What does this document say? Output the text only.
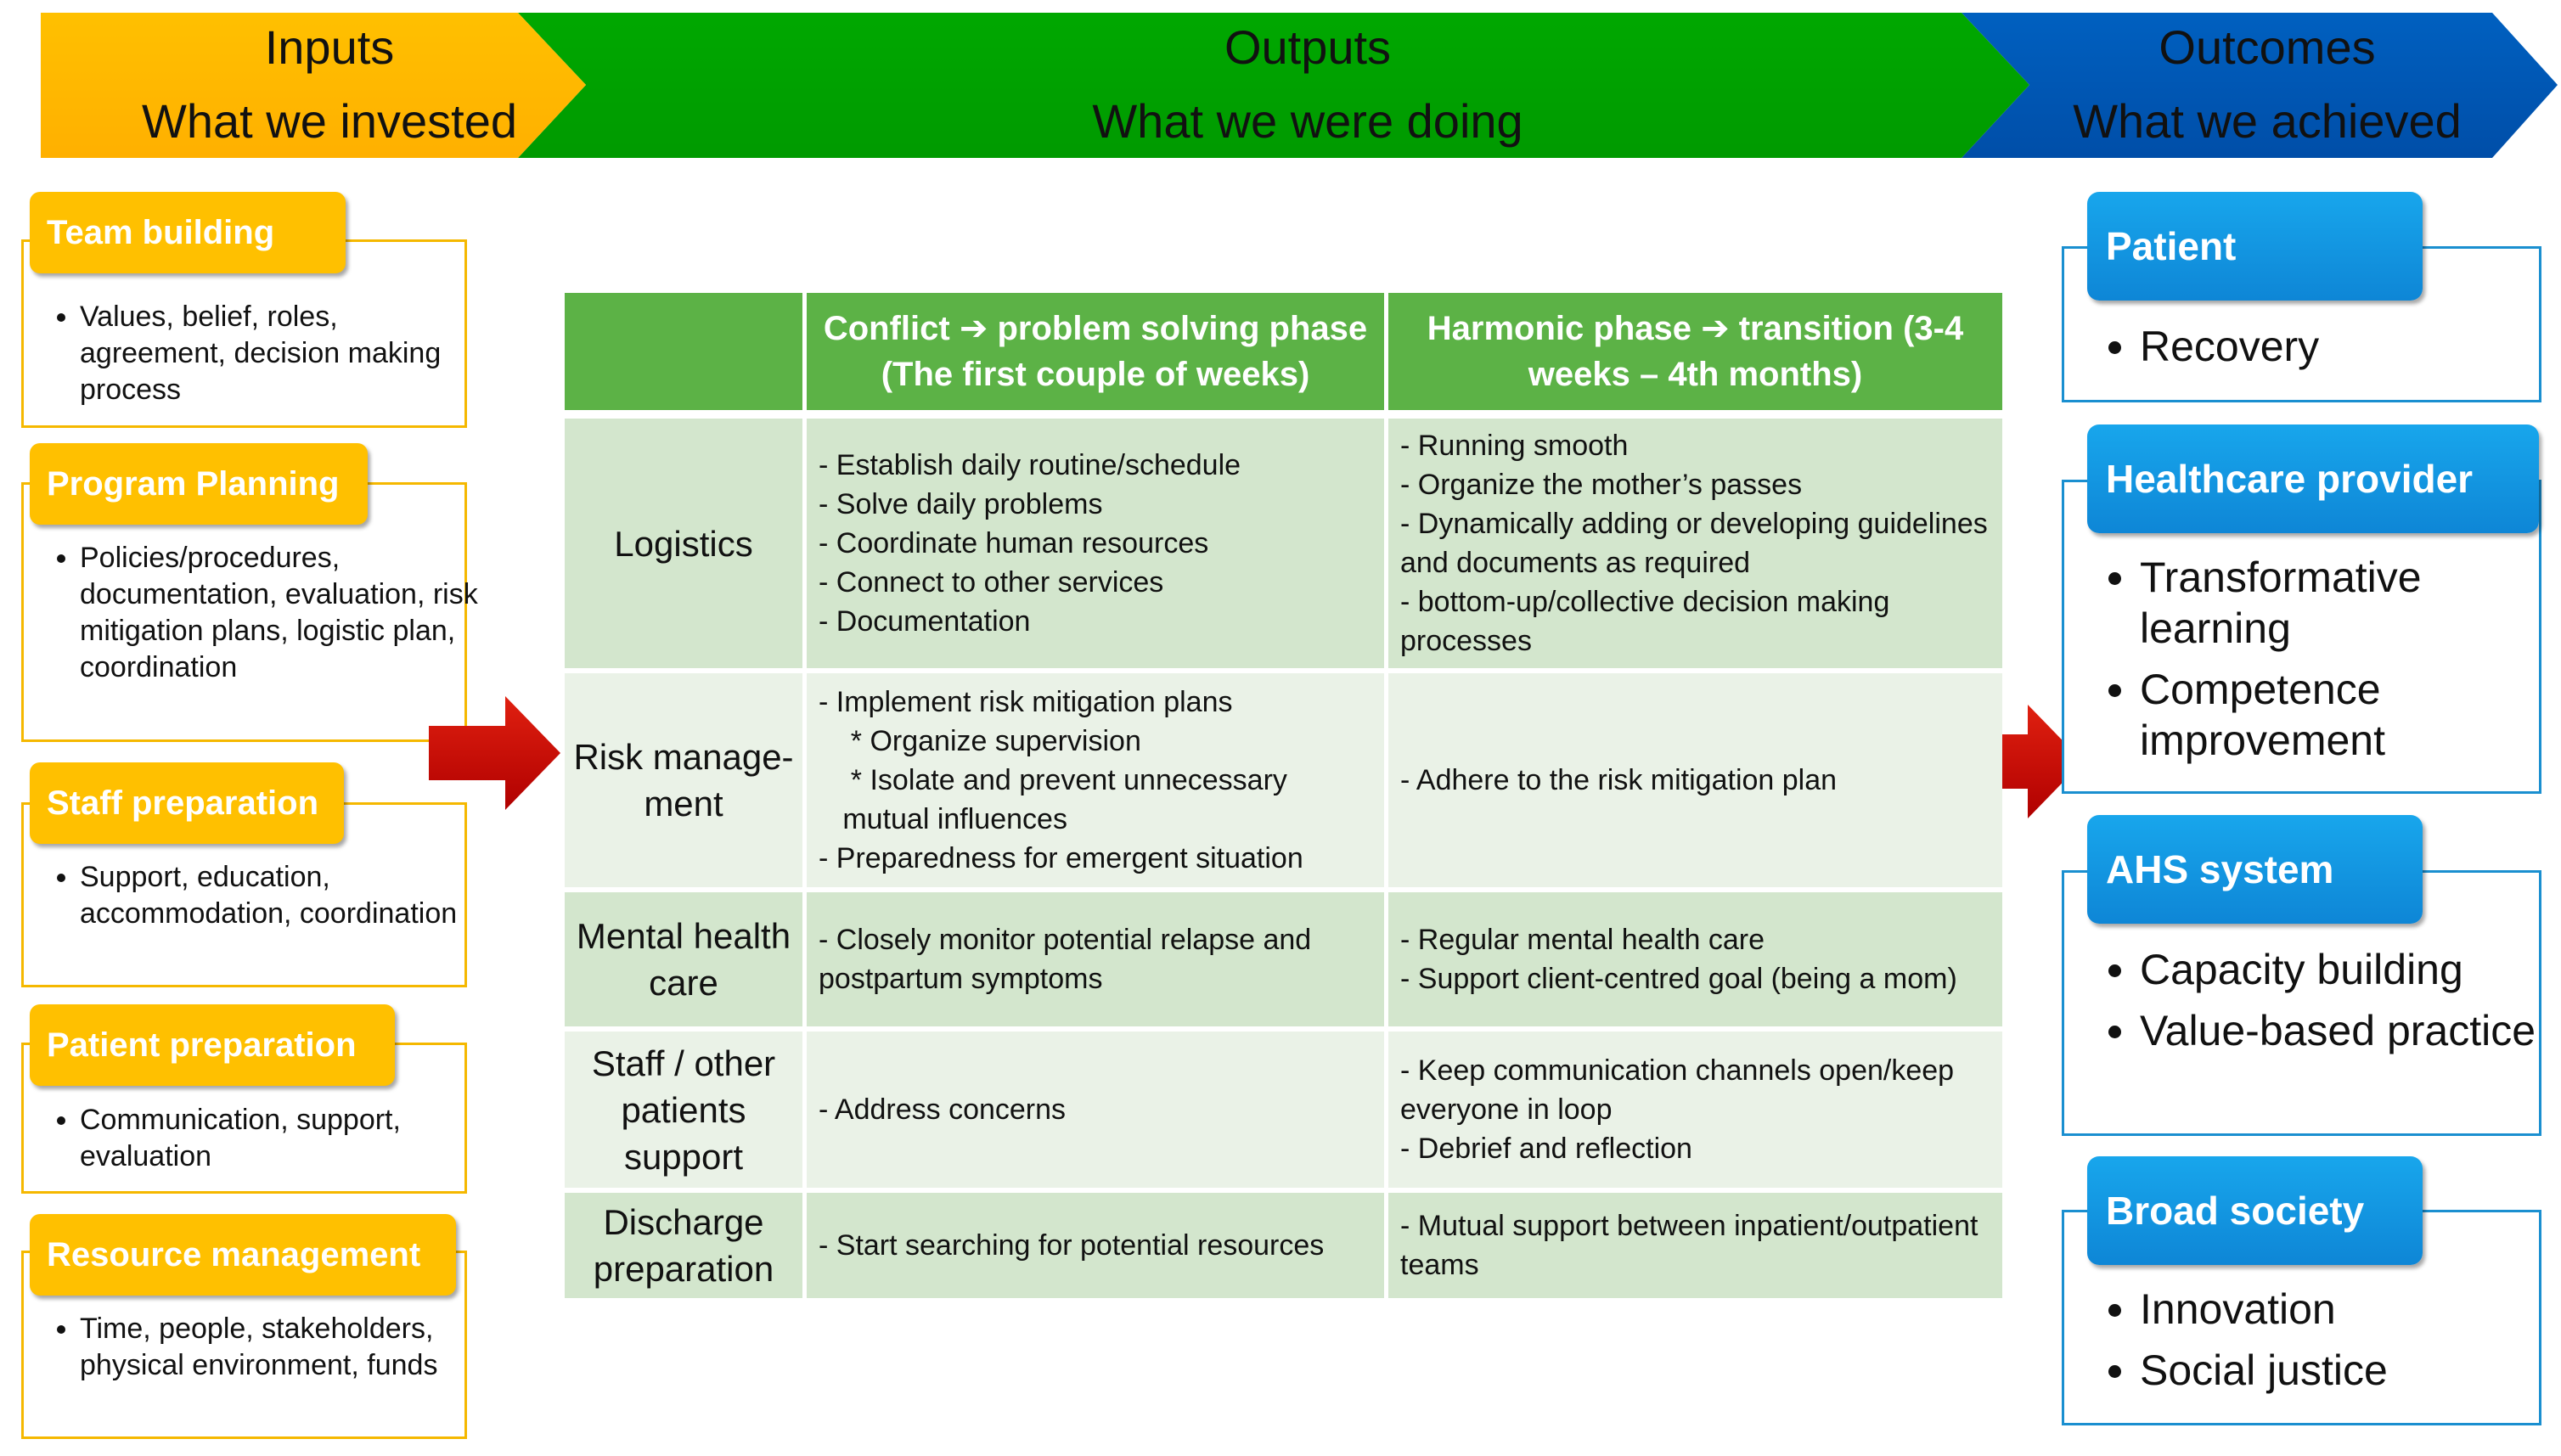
Inputs
What we invested
Outputs
What we were doing
Outcomes
What we achieved
Team building
• Values, belief, roles, agreement, decision making process
Program Planning
• Policies/procedures, documentation, evaluation, risk mitigation plans, logistic plan, coordination
Staff preparation
• Support, education, accommodation, coordination
Patient preparation
• Communication, support, evaluation
Resource management
• Time, people, stakeholders, physical environment, funds
	Conflict ➔ problem solving phase (The first couple of weeks)	Harmonic phase ➔ transition (3-4 weeks – 4th months)
Logistics	- Establish daily routine/schedule
- Solve daily problems
- Coordinate human resources
- Connect to other services
- Documentation	- Running smooth
- Organize the mother’s passes
- Dynamically adding or developing guidelines and documents as required
- bottom-up/collective decision making processes

Risk manage-ment	- Implement risk mitigation plans
* Organize supervision
* Isolate and prevent unnecessary
mutual influences
- Preparedness for emergent situation	- Adhere to the risk mitigation plan

Mental health care	- Closely monitor potential relapse and postpartum symptoms	- Regular mental health care
- Support client-centred goal (being a mom)

Staff / other patients support	- Address concerns	- Keep communication channels open/keep everyone in loop
- Debrief and reflection

Discharge preparation	- Start searching for potential resources	- Mutual support between inpatient/outpatient teams
Patient
• Recovery
Healthcare provider
• Transformative learning
• Competence improvement
AHS system
• Capacity building
• Value-based practice
Broad society
• Innovation
• Social justice
